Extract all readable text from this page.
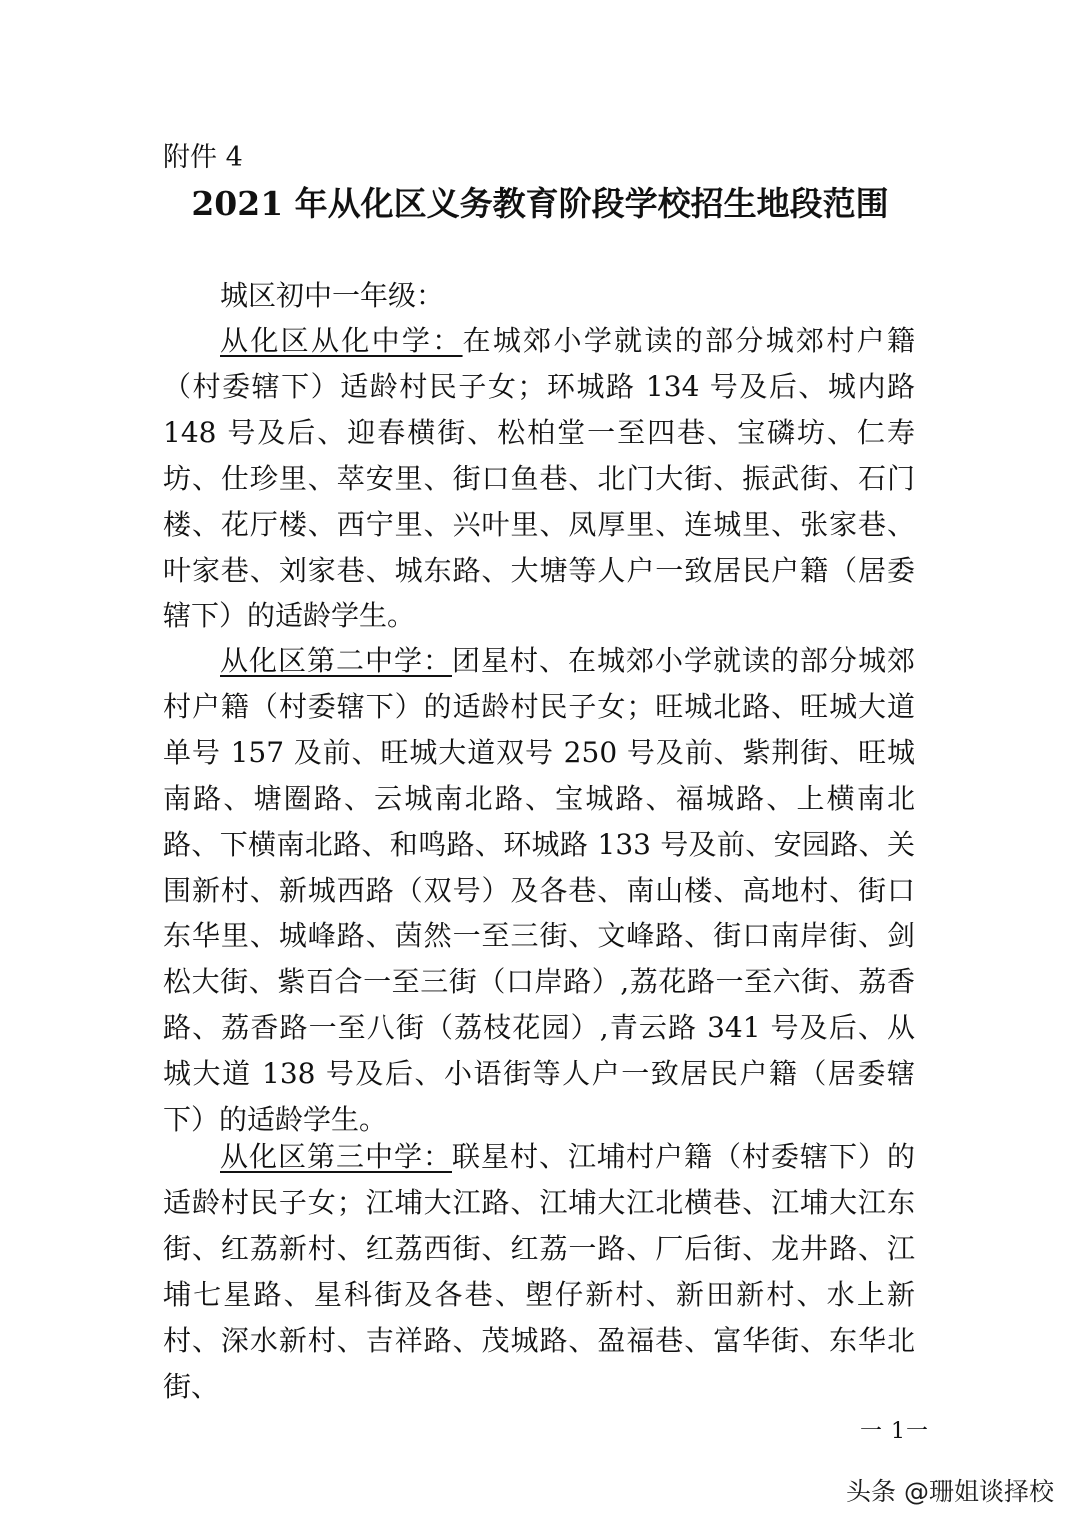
附件 4
2021 年从化区义务教育阶段学校招生地段范围
城区初中一年级：

从化区从化中学：在城郊小学就读的部分城郊村户籍（村委辖下）适龄村民子女；环城路 134 号及后、城内路 148 号及后、迎春横街、松柏堂一至四巷、宝磷坊、仁寿坊、仕珍里、萃安里、街口鱼巷、北门大街、振武街、石门楼、花厅楼、西宁里、兴叶里、凤厚里、连城里、张家巷、叶家巷、刘家巷、城东路、大塘等人户一致居民户籍（居委辖下）的适龄学生。

从化区第二中学：团星村、在城郊小学就读的部分城郊村户籍（村委辖下）的适龄村民子女；旺城北路、旺城大道单号 157 及前、旺城大道双号 250 号及前、紫荆街、旺城南路、塘圈路、云城南北路、宝城路、福城路、上横南北路、下横南北路、和鸣路、环城路 133 号及前、安园路、关围新村、新城西路（双号）及各巷、南山楼、高地村、街口东华里、城峰路、茵然一至三街、文峰路、街口南岸街、剑松大街、紫百合一至三街（口岸路）,荔花路一至六街、荔香路、荔香路一至八街（荔枝花园）,青云路 341 号及后、从城大道 138 号及后、小语街等人户一致居民户籍（居委辖下）的适龄学生。

从化区第三中学：联星村、江埔村户籍（村委辖下）的适龄村民子女；江埔大江路、江埔大江北横巷、江埔大江东街、红荔新村、红荔西街、红荔一路、厂后街、龙井路、江埔七星路、星科街及各巷、塱仔新村、新田新村、水上新村、深水新村、吉祥路、茂城路、盈福巷、富华街、东华北街、

一 1一
头条 @珊姐谈择校
